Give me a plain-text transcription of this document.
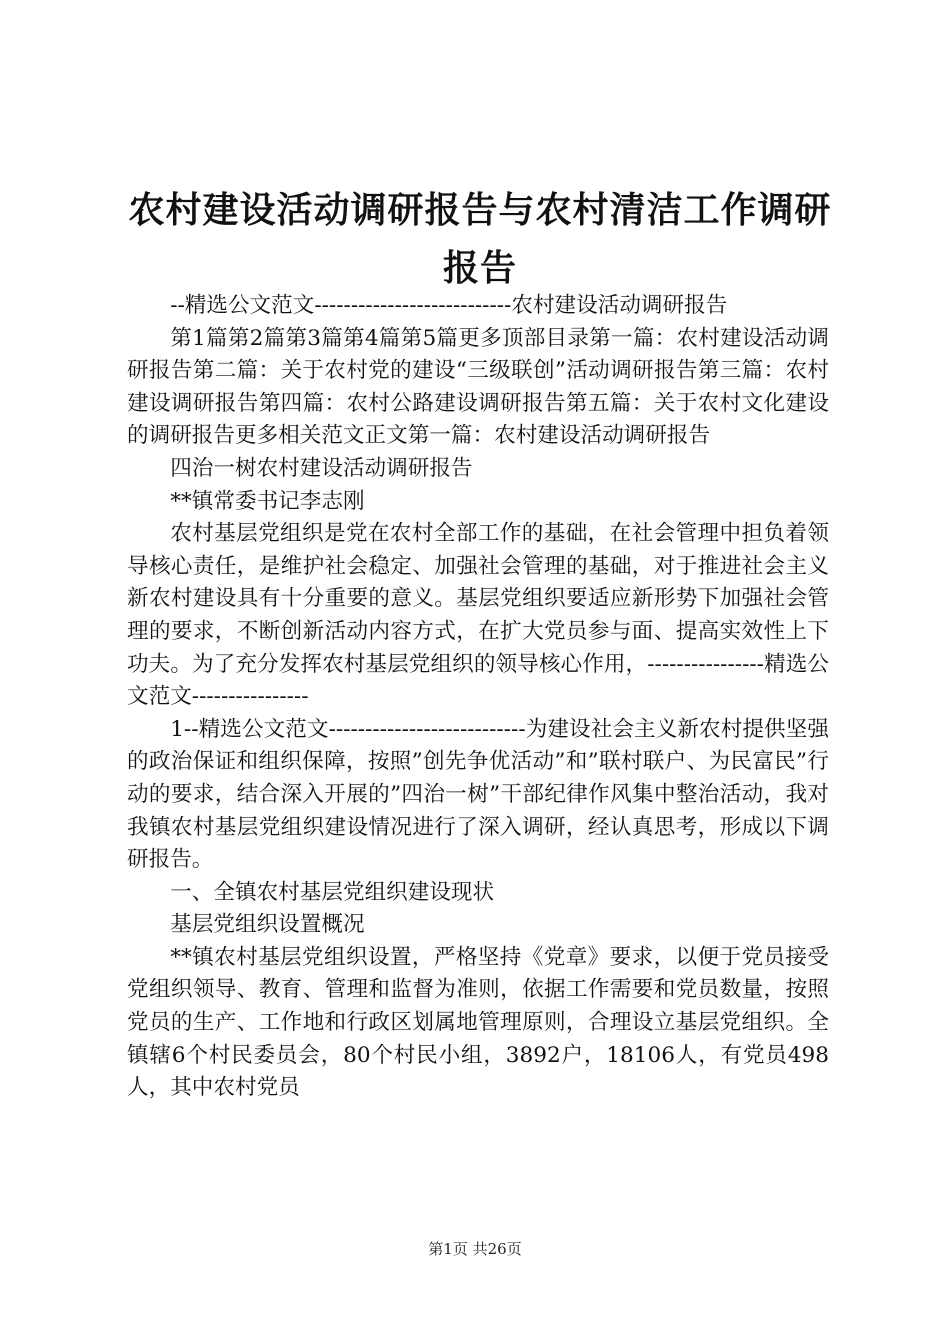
农村建设活动调研报告与农村清洁工作调研报告

--精选公文范文---------------------------农村建设活动调研报告

第1篇第2篇第3篇第4篇第5篇更多顶部目录第一篇：农村建设活动调研报告第二篇：关于农村党的建设“三级联创”活动调研报告第三篇：农村建设调研报告第四篇：农村公路建设调研报告第五篇：关于农村文化建设的调研报告更多相关范文正文第一篇：农村建设活动调研报告

四治一树农村建设活动调研报告

**镇常委书记李志刚

农村基层党组织是党在农村全部工作的基础，在社会管理中担负着领导核心责任，是维护社会稳定、加强社会管理的基础，对于推进社会主义新农村建设具有十分重要的意义。基层党组织要适应新形势下加强社会管理的要求，不断创新活动内容方式，在扩大党员参与面、提高实效性上下功夫。为了充分发挥农村基层党组织的领导核心作用，----------------精选公文范文----------------

1--精选公文范文---------------------------为建设社会主义新农村提供坚强的政治保证和组织保障，按照”创先争优活动”和”联村联户、为民富民”行动的要求，结合深入开展的”四治一树”干部纪律作风集中整治活动，我对我镇农村基层党组织建设情况进行了深入调研，经认真思考，形成以下调研报告。

一、全镇农村基层党组织建设现状

基层党组织设置概况

**镇农村基层党组织设置，严格坚持《党章》要求，以便于党员接受党组织领导、教育、管理和监督为准则，依据工作需要和党员数量，按照党员的生产、工作地和行政区划属地管理原则，合理设立基层党组织。全镇辖6个村民委员会，80个村民小组，3892户，18106人，有党员498人，其中农村党员

第1页 共26页
